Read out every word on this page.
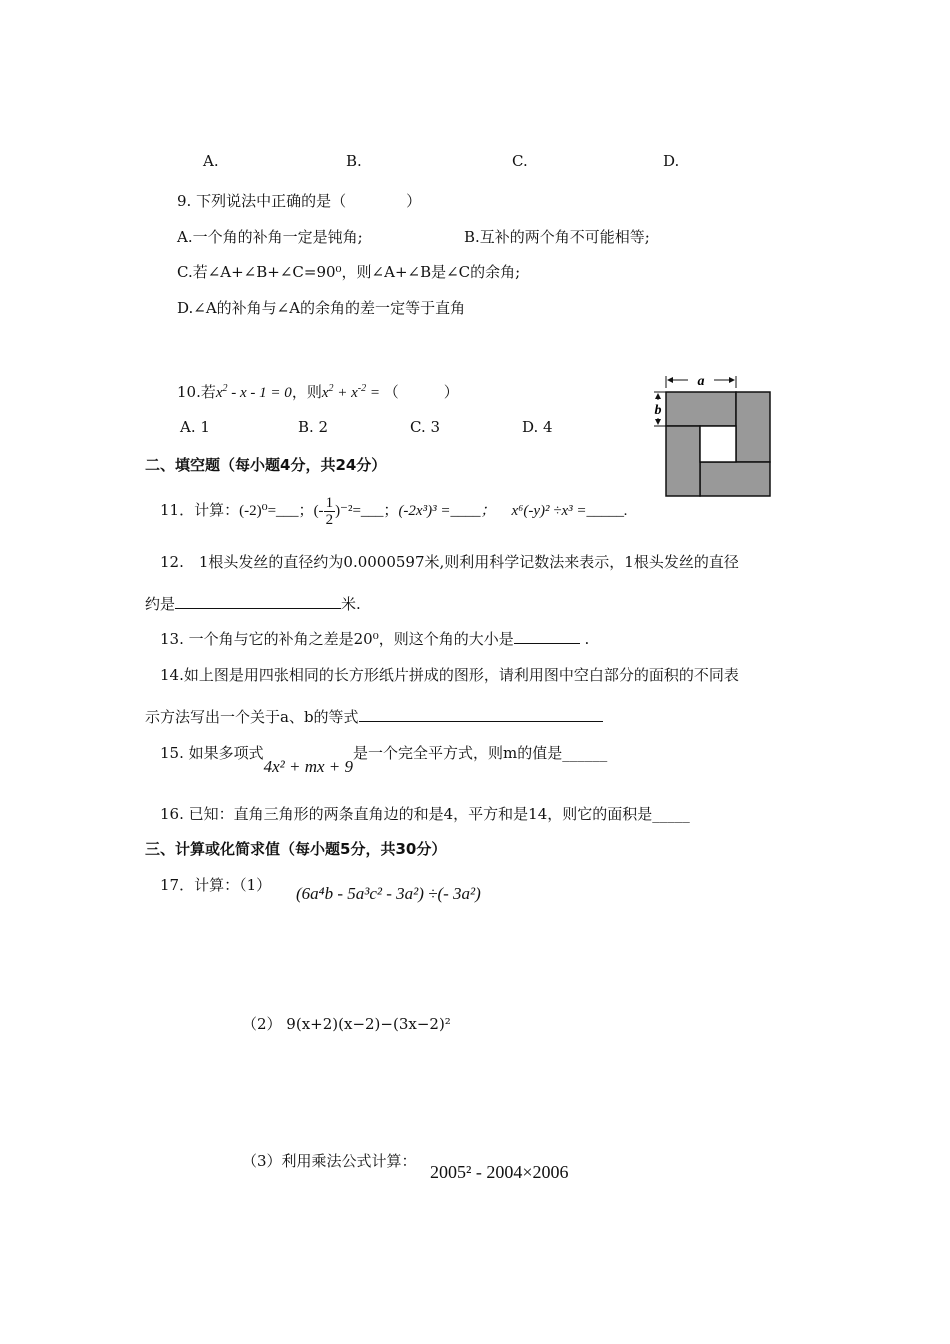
A.	B.	C.	D.
9. 下列说法中正确的是（　　　　）
A.一个角的补角一定是钝角;	B.互补的两个角不可能相等;
C.若∠A+∠B+∠C=90⁰，则∠A+∠B是∠C的余角;
D.∠A的补角与∠A的余角的差一定等于直角
10.若$x^2 - x - 1 = 0$，则$x^2 + x^{-2}$ = （　　　）
A. 1	B. 2	C. 3	D. 4
a
b
二、填空题（每小题4分，共24分）
11．计算：(-2)⁰=___；(- $\frac{1}{2}$ )⁻²=___；(-2x³)³ =____； x⁶(-y)² ÷x³ =_____.
12.　1根头发丝的直径约为0.0000597米,则利用科学记数法来表示，1根头发丝的直径
约是	米.
13. 一个角与它的补角之差是20⁰，则这个角的大小是	.
14.如上图是用四张相同的长方形纸片拼成的图形，请利用图中空白部分的面积的不同表
示方法写出一个关于a、b的等式
15. 如果多项式4x² + mx + 9是一个完全平方式，则m的值是______
16. 已知：直角三角形的两条直角边的和是4，平方和是14，则它的面积是_____
三、计算或化简求值（每小题5分，共30分）
17．计算：（1） (6a⁴b - 5a³c² - 3a²) ÷(- 3a²)
（2） 9(x+2)(x−2)−(3x−2)²
（3）利用乘法公式计算：
2005² - 2004×2006
